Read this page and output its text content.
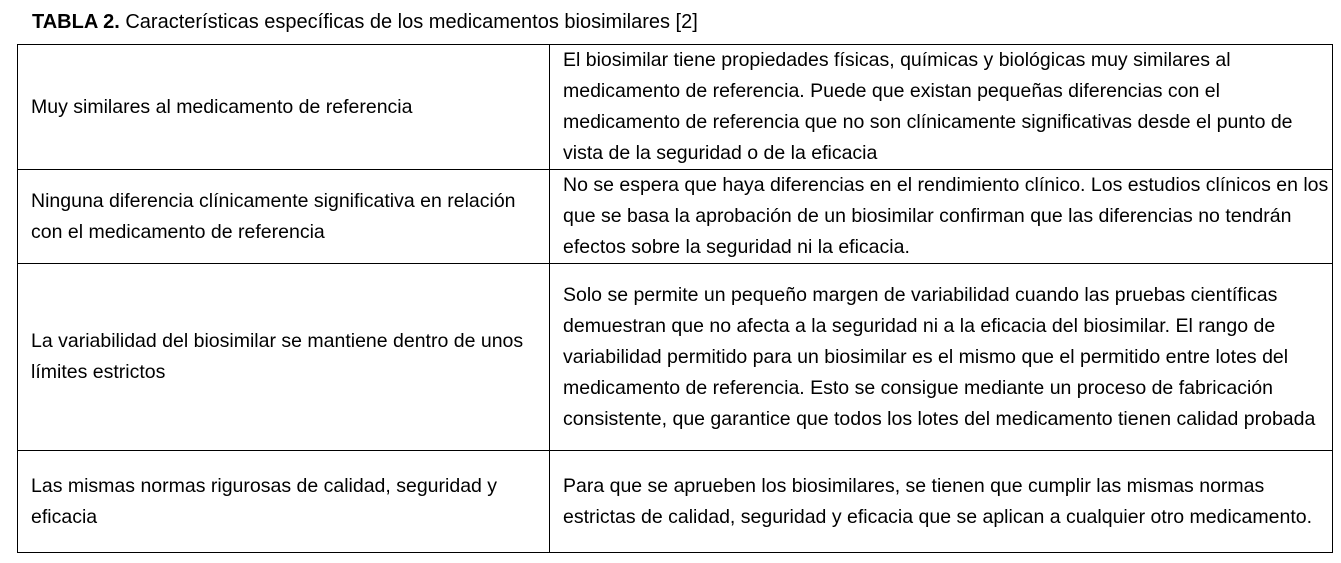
TABLA 2. Características específicas de los medicamentos biosimilares [2]
Muy similares al medicamento de referencia	El biosimilar tiene propiedades físicas, químicas y biológicas muy similares al medicamento de referencia. Puede que existan pequeñas diferencias con el medicamento de referencia que no son clínicamente significativas desde el punto de vista de la seguridad o de la eficacia
Ninguna diferencia clínicamente significativa en relación con el medicamento de referencia	No se espera que haya diferencias en el rendimiento clínico. Los estudios clínicos en los que se basa la aprobación de un biosimilar confirman que las diferencias no tendrán efectos sobre la seguridad ni la eficacia.
La variabilidad del biosimilar se mantiene dentro de unos límites estrictos	Solo se permite un pequeño margen de variabilidad cuando las pruebas científicas demuestran que no afecta a la seguridad ni a la eficacia del biosimilar. El rango de variabilidad permitido para un biosimilar es el mismo que el permitido entre lotes del medicamento de referencia. Esto se consigue mediante un proceso de fabricación consistente, que garantice que todos los lotes del medicamento tienen calidad probada
Las mismas normas rigurosas de calidad, seguridad y eficacia	Para que se aprueben los biosimilares, se tienen que cumplir las mismas normas estrictas de calidad, seguridad y eficacia que se aplican a cualquier otro medicamento.
